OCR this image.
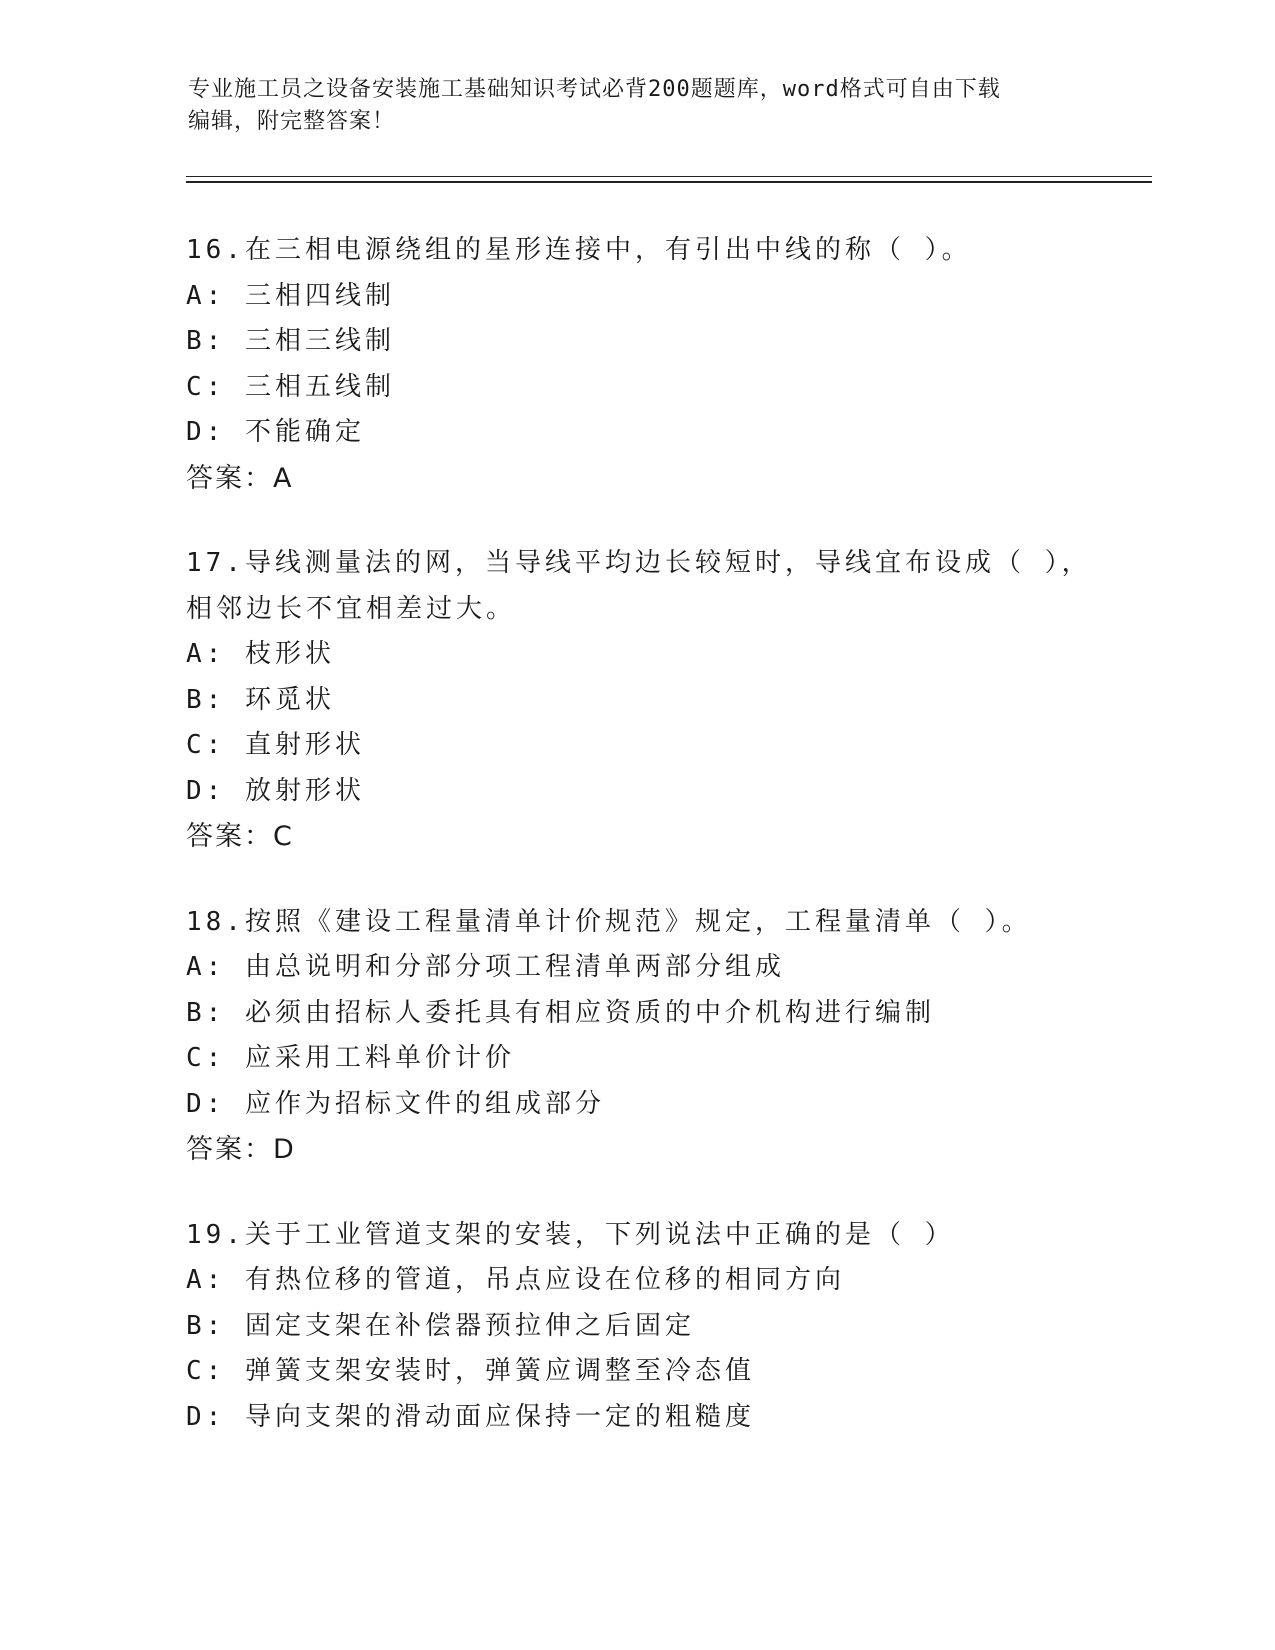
专业施工员之设备安装施工基础知识考试必背200题题库，word格式可自由下载
编辑，附完整答案！
16.在三相电源绕组的星形连接中，有引出中线的称（ ）。
A: 三相四线制
B: 三相三线制
C: 三相五线制
D: 不能确定
答案：A
17.导线测量法的网，当导线平均边长较短时，导线宜布设成（ ），
相邻边长不宜相差过大。
A: 枝形状
B: 环觅状
C: 直射形状
D: 放射形状
答案：C
18.按照《建设工程量清单计价规范》规定，工程量清单（ ）。
A: 由总说明和分部分项工程清单两部分组成
B: 必须由招标人委托具有相应资质的中介机构进行编制
C: 应采用工料单价计价
D: 应作为招标文件的组成部分
答案：D
19.关于工业管道支架的安装，下列说法中正确的是（ ）
A: 有热位移的管道，吊点应设在位移的相同方向
B: 固定支架在补偿器预拉伸之后固定
C: 弹簧支架安装时，弹簧应调整至冷态值
D: 导向支架的滑动面应保持一定的粗糙度
